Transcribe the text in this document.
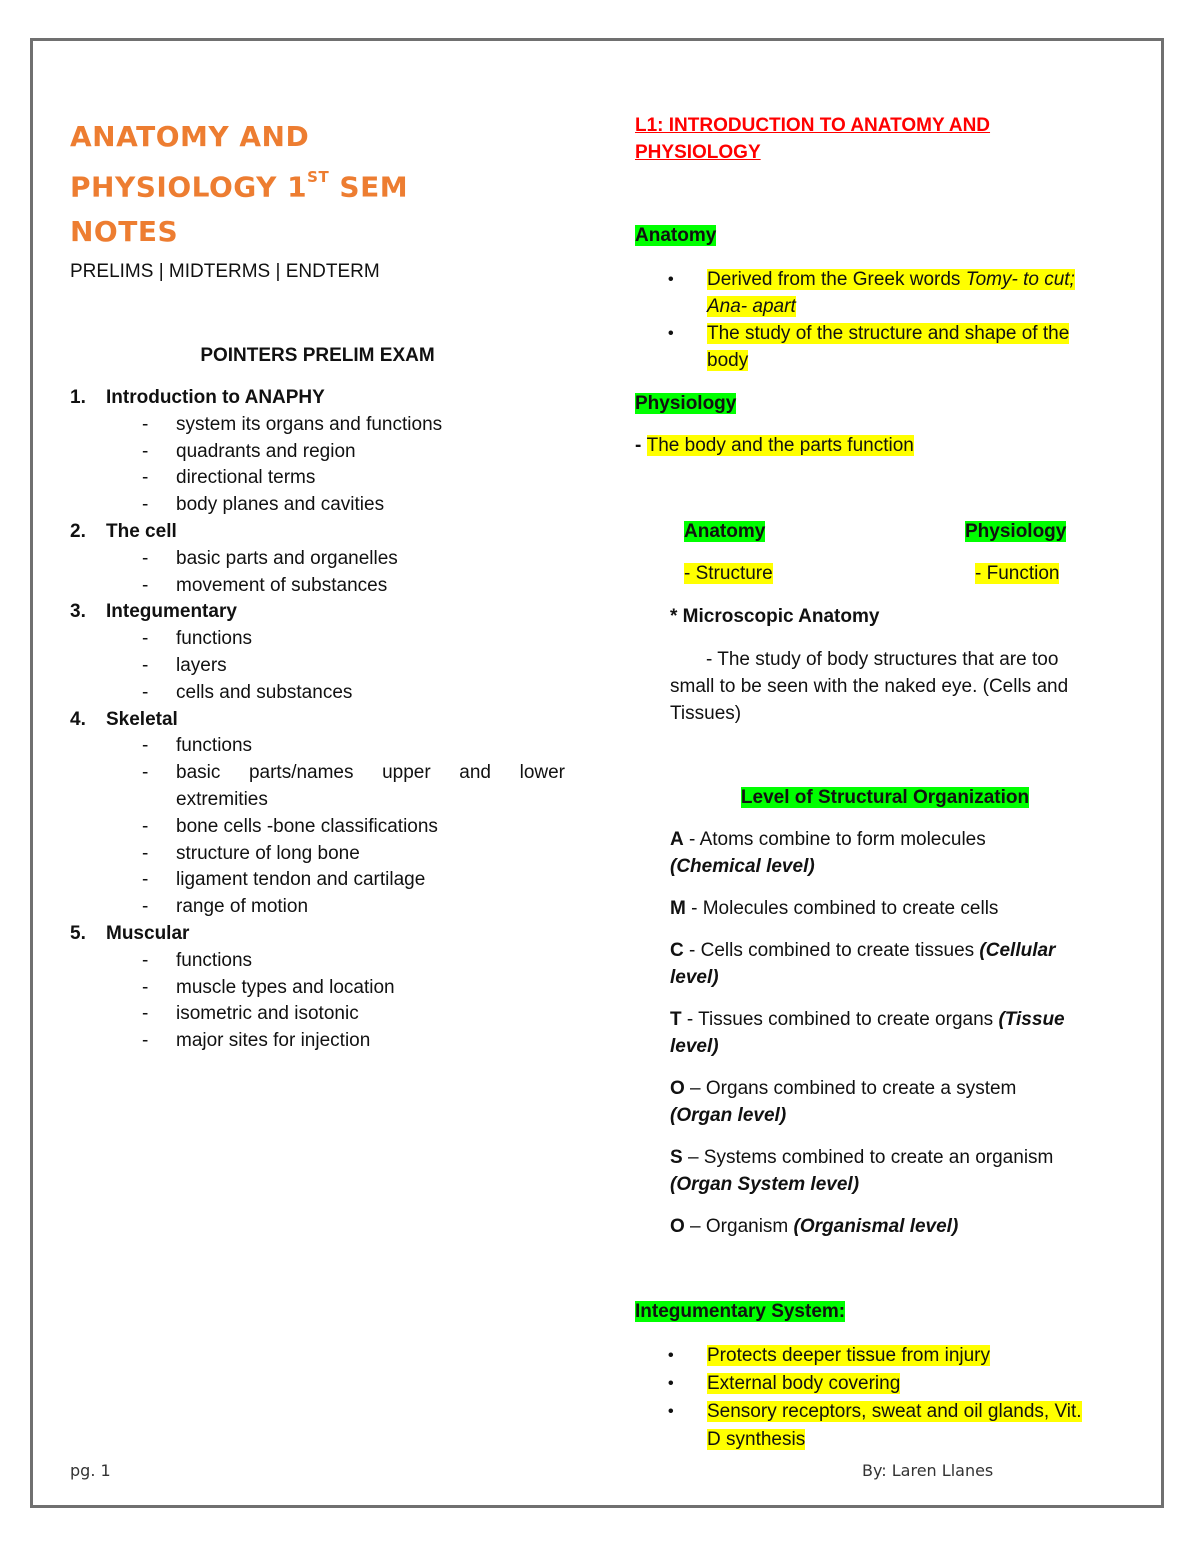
ANATOMY AND
PHYSIOLOGY 1ST SEM
NOTES
PRELIMS | MIDTERMS | ENDTERM
POINTERS PRELIM EXAM
1. Introduction to ANAPHY
- system its organs and functions
- quadrants and region
- directional terms
- body planes and cavities
2. The cell
- basic parts and organelles
- movement of substances
3. Integumentary
- functions
- layers
- cells and substances
4. Skeletal
- functions
- basic parts/names upper and lower extremities
- bone cells -bone classifications
- structure of long bone
- ligament tendon and cartilage
- range of motion
5. Muscular
- functions
- muscle types and location
- isometric and isotonic
- major sites for injection
L1: INTRODUCTION TO ANATOMY AND
PHYSIOLOGY
Anatomy
• Derived from the Greek words Tomy- to cut;
Ana- apart
• The study of the structure and shape of the
body
Physiology
- The body and the parts function
Anatomy	Physiology
- Structure	- Function
* Microscopic Anatomy
- The study of body structures that are too
small to be seen with the naked eye. (Cells and
Tissues)
Level of Structural Organization
A - Atoms combine to form molecules
(Chemical level)
M - Molecules combined to create cells
C - Cells combined to create tissues (Cellular
level)
T - Tissues combined to create organs (Tissue
level)
O – Organs combined to create a system
(Organ level)
S – Systems combined to create an organism
(Organ System level)
O – Organism (Organismal level)
Integumentary System:
• Protects deeper tissue from injury
• External body covering
• Sensory receptors, sweat and oil glands, Vit.
D synthesis
pg. 1	By: Laren Llanes
